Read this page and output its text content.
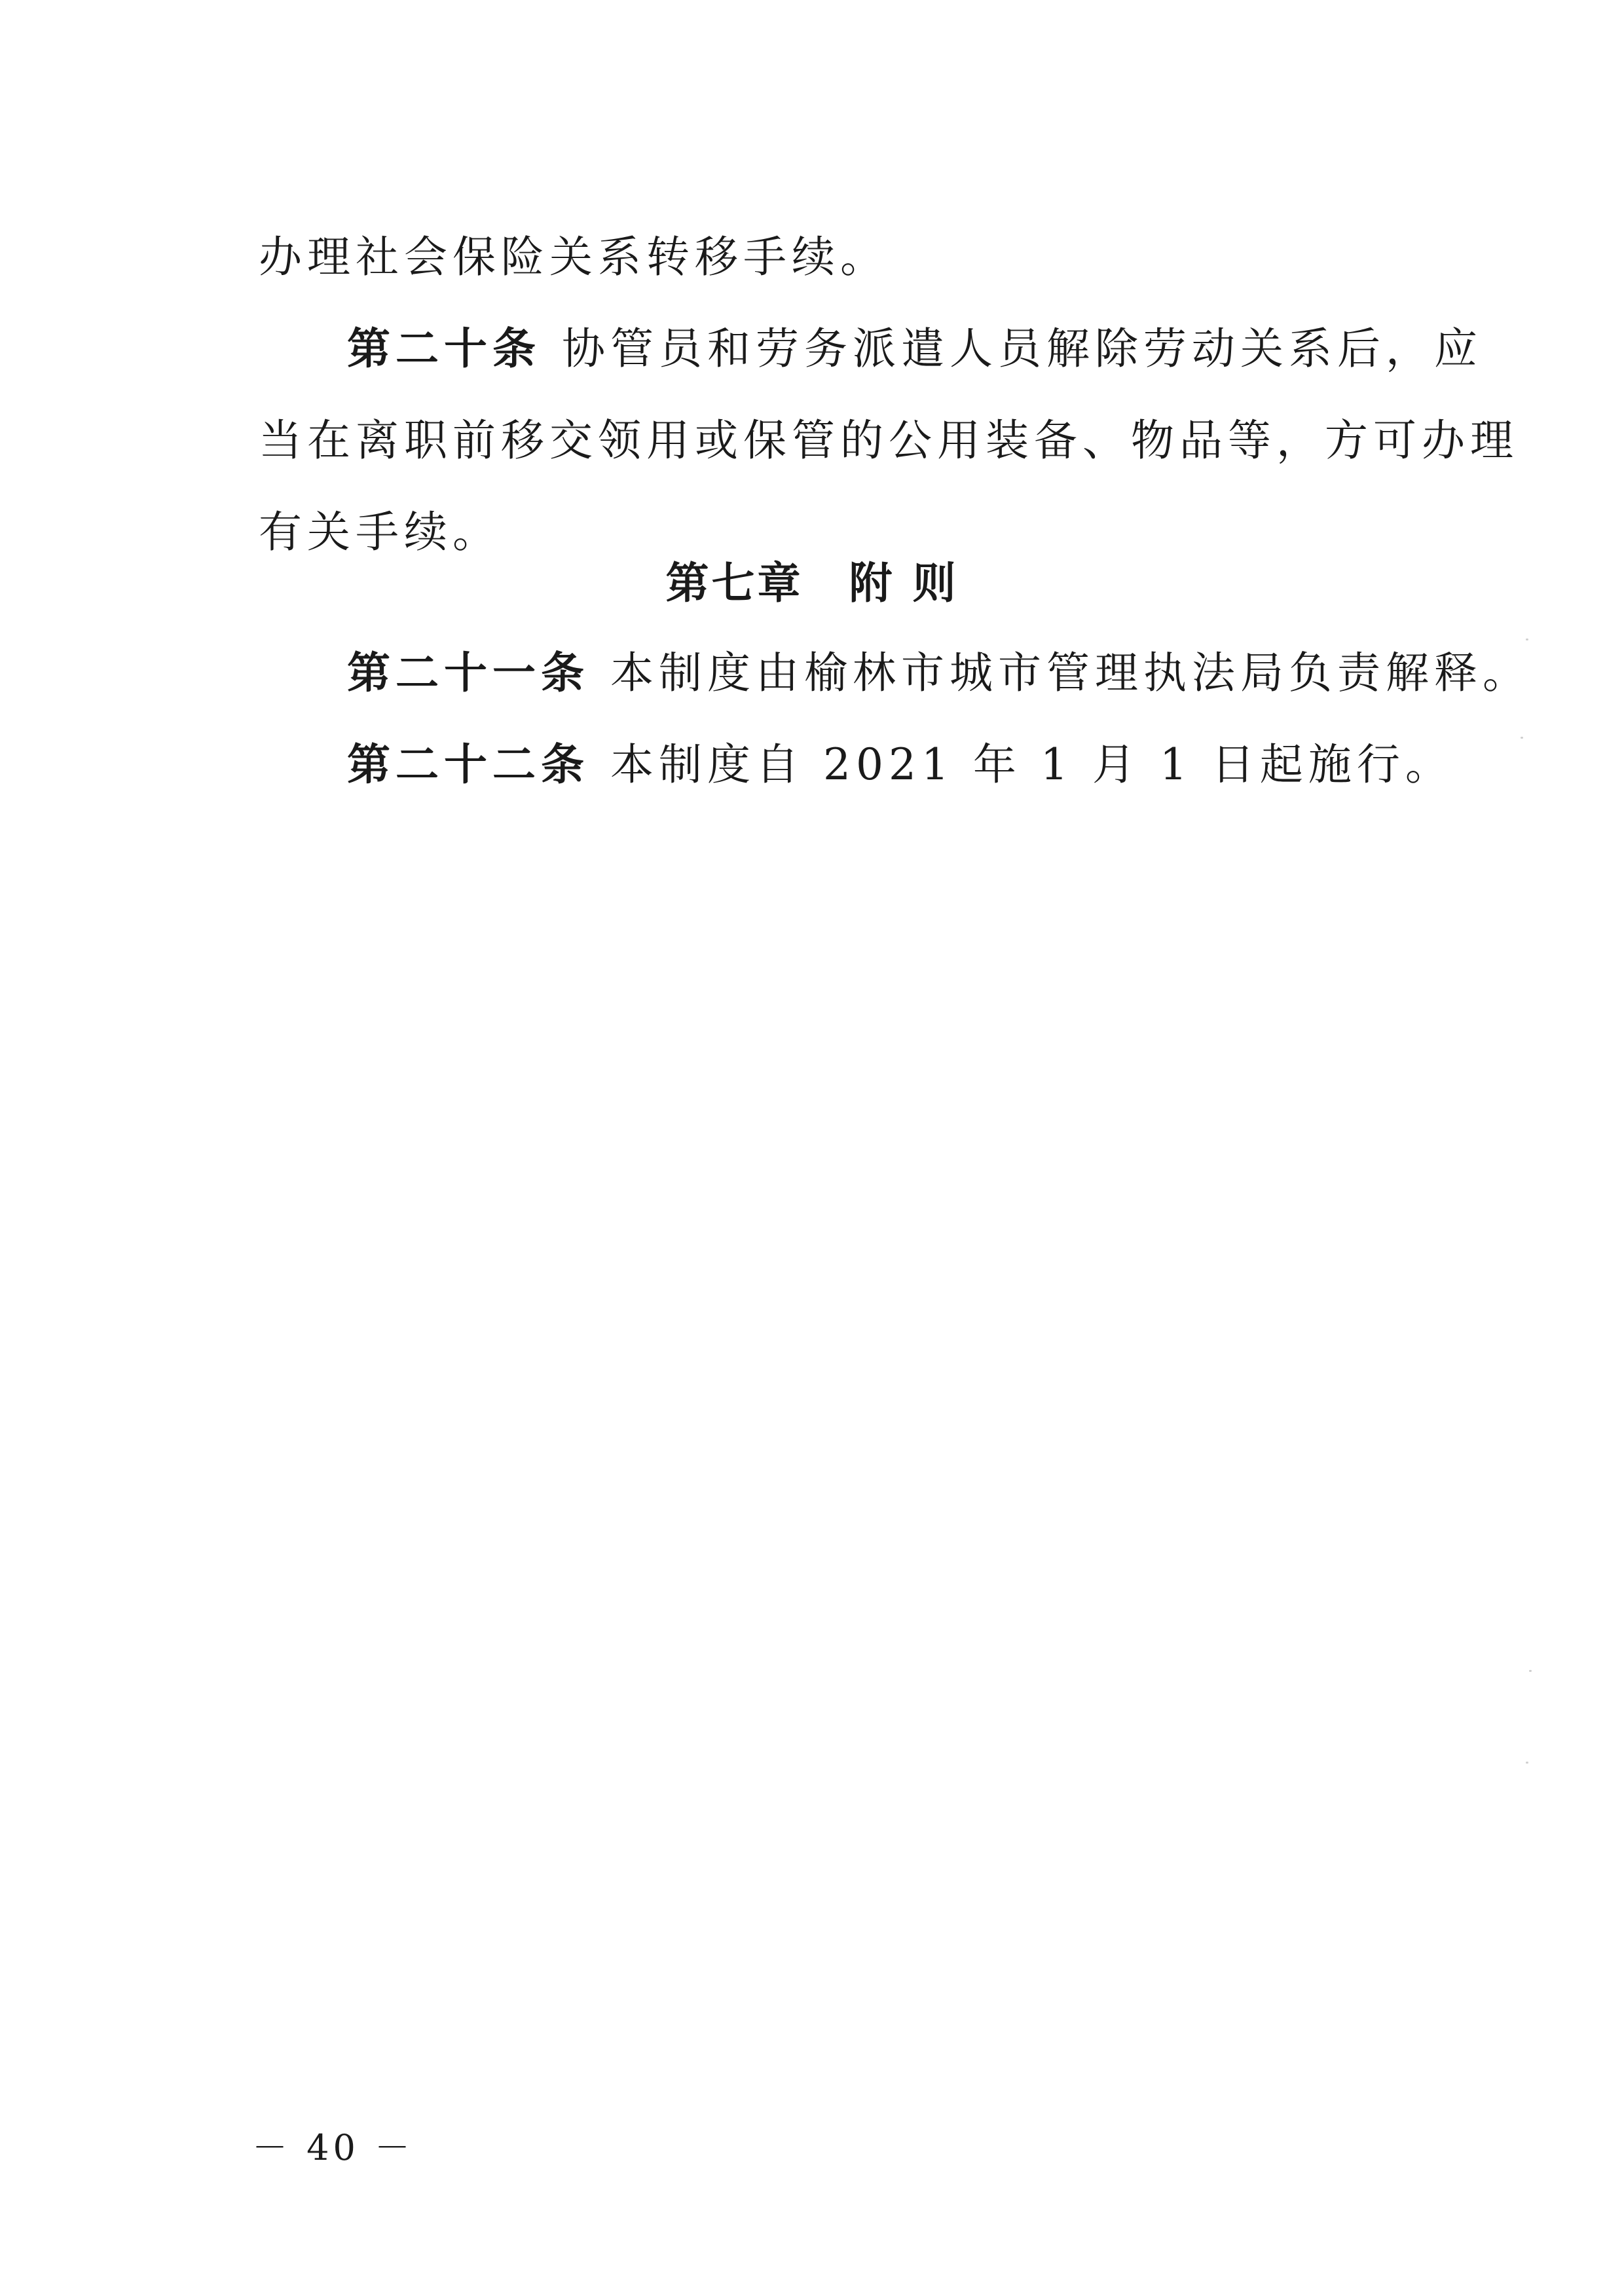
办理社会保险关系转移手续。
第二十条 协管员和劳务派遣人员解除劳动关系后，应
当在离职前移交领用或保管的公用装备、物品等，方可办理
有关手续。
第七章 附 则
第二十一条 本制度由榆林市城市管理执法局负责解释。
第二十二条 本制度自 2021 年 1 月 1 日起施行。
－ 40 －
